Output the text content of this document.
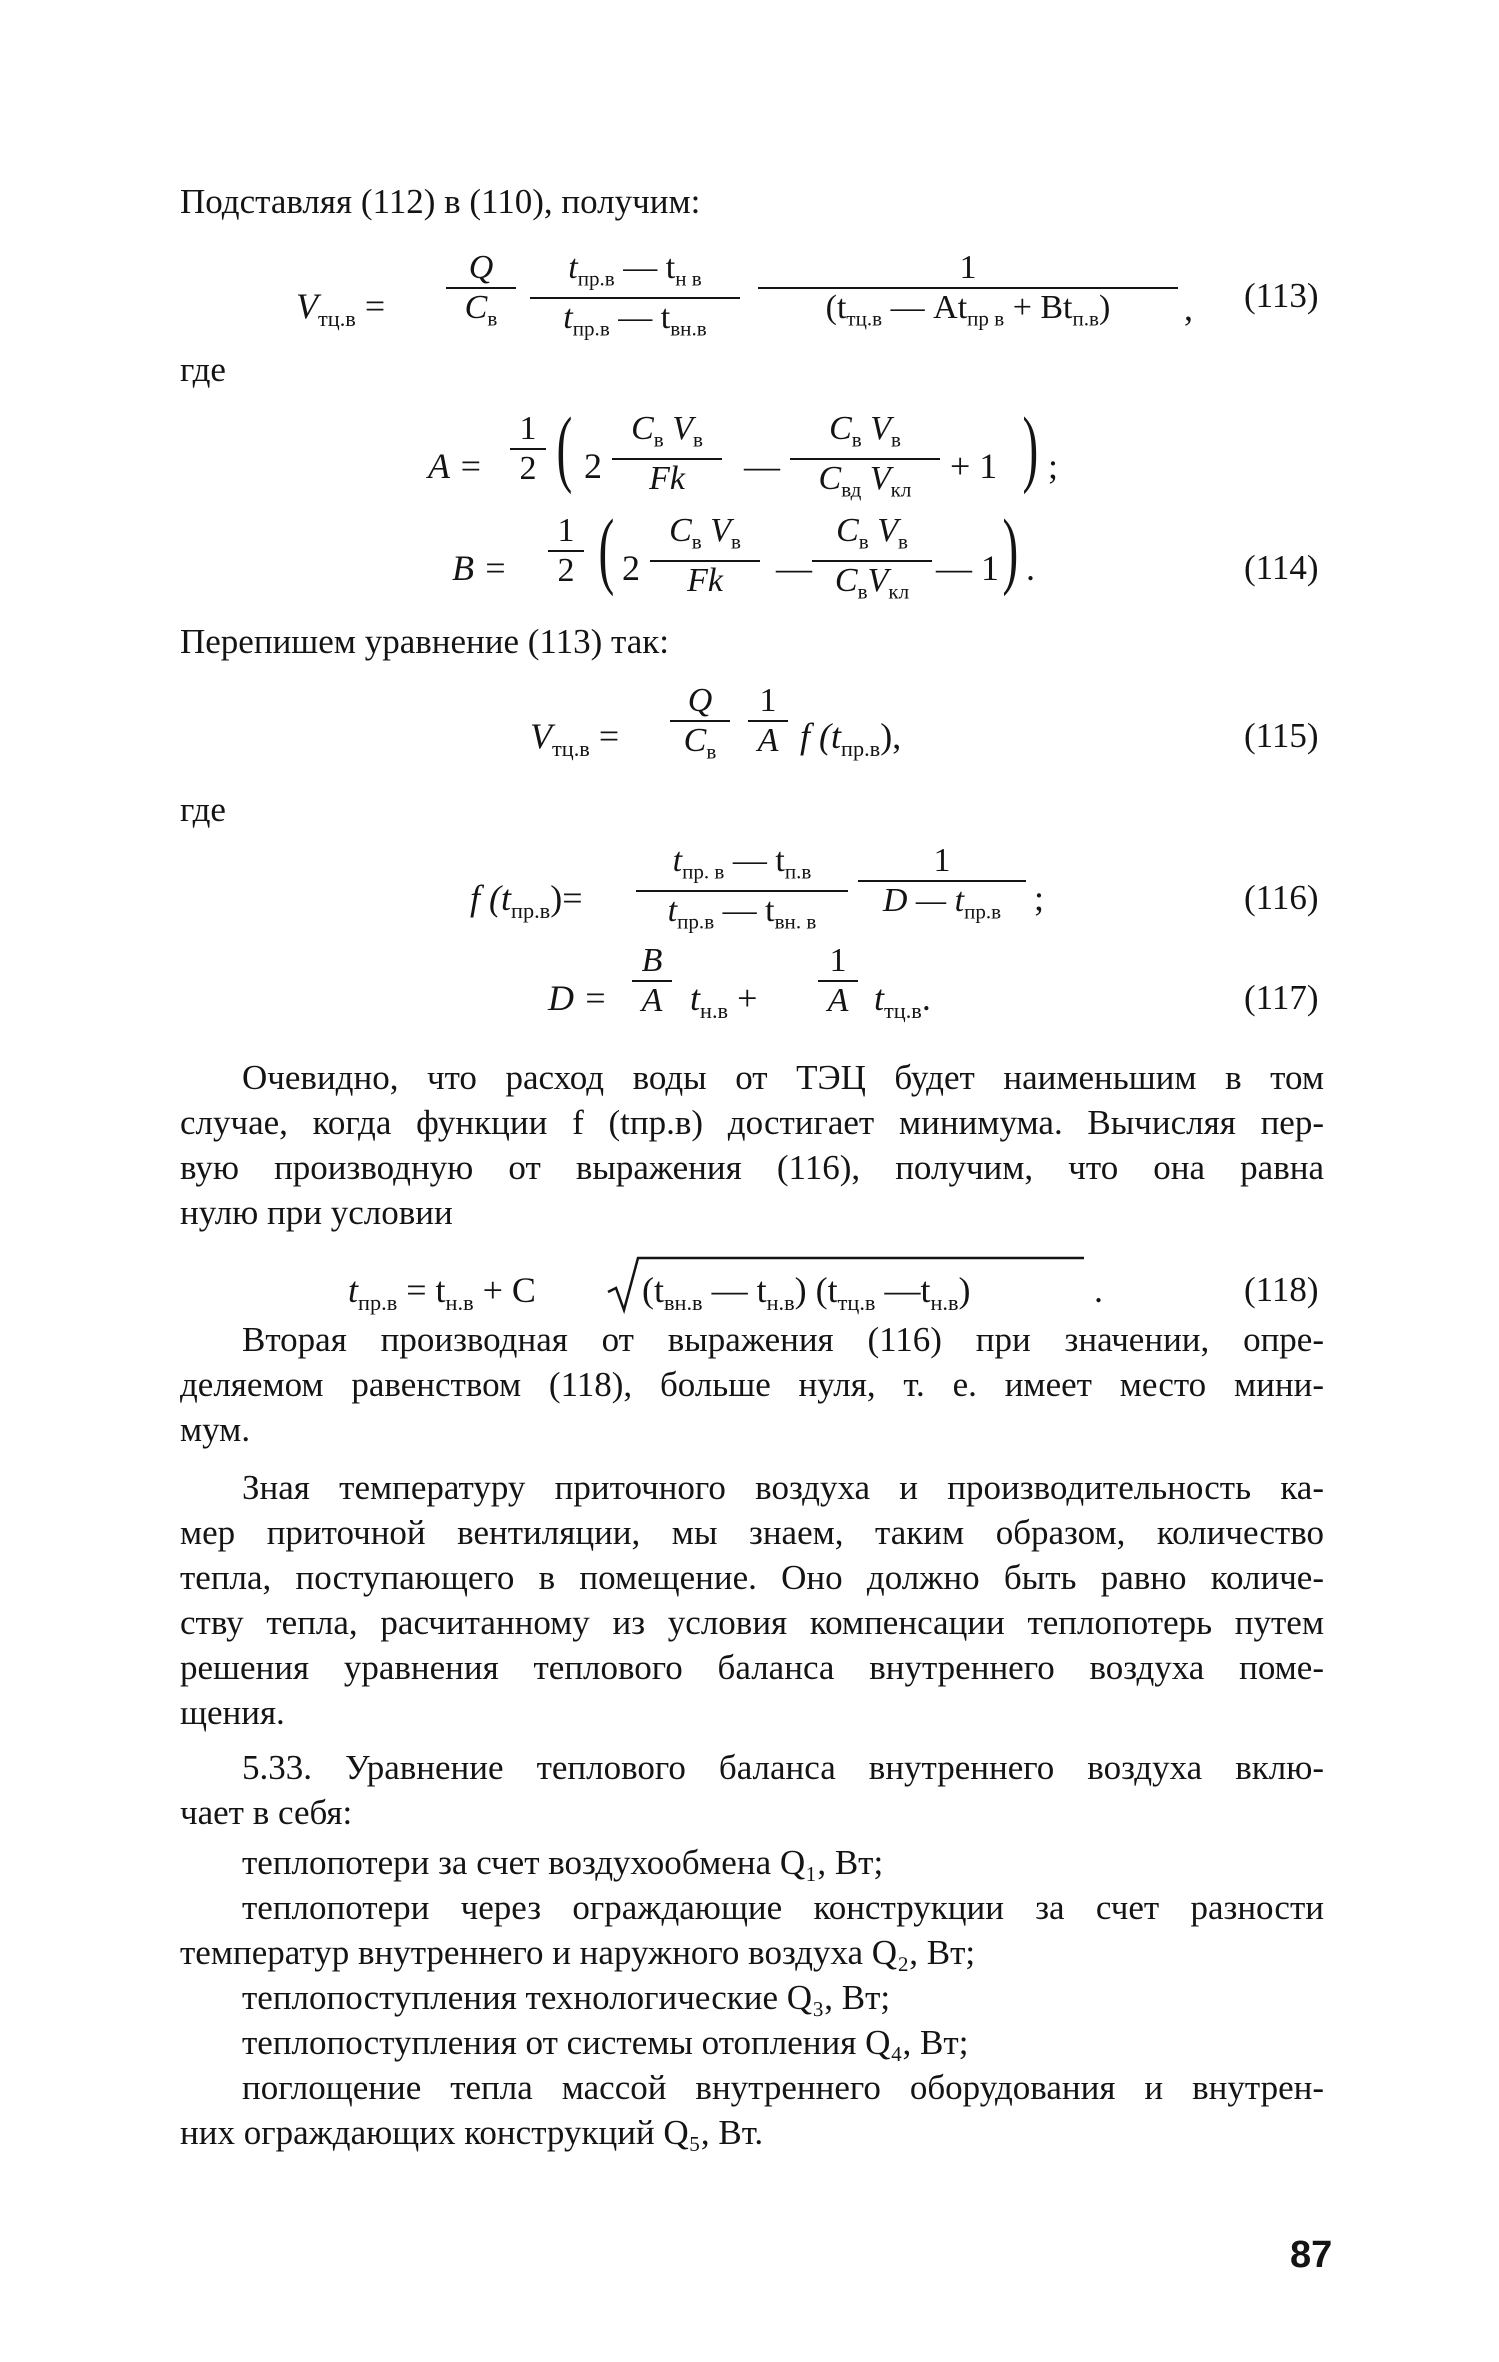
Подставляя (112) в (110), получим:
$V_{тц.в}$ =
Q
$C_в$
$t_{пр.в}$ — $t_{н в}$
$t_{пр.в}$ — $t_{вн.в}$
1
($t_{тц.в}$ — $At_{пр в} + Bt_{п.в}$) , (113)
где
A =
1
2 ( 2
$C_в$ $V_в$
Fk —
$C_в$ $V_в$
$C_{вд}$ $V_{кл}$
+ 1 ) ;
B =
1
2 ( 2
$C_в$ $V_в$
Fk —
$C_в$ $V_в$
$C_вV_{кл}$
— 1 ) .	(114)
Перепишем уравнение (113) так:
$V_{тц.в}$ =
Q
$C_в$
1
A f $(t_{пр.в})$,	(115)
где
f $(t_{пр.в})=$
$t_{пр. в}$ — $t_{п.в}$
$t_{пр.в}$ — $t_{вн. в}$
1
D — $t_{пр.в}$ ;	(116)
D =
B
A $t_{н.в}$ +
1
A $t_{тц.в}$.	(117)
Очевидно, что расход воды от ТЭЦ будет наименьшим в том
случае, когда функции f (tпр.в) достигает минимума. Вычисляя пер-
вую производную от выражения (116), получим, что она равна
нулю при условии
$t_{пр.в} = t_{н.в} + C$	($t_{вн.в}$ — $t_{н.в}$) ($t_{тц.в}$ $—t_{н.в}$)	.	(118)
Вторая производная от выражения (116) при значении, опре-
деляемом равенством (118), больше нуля, т. е. имеет место мини-
мум.
Зная температуру приточного воздуха и производительность ка-
мер приточной вентиляции, мы знаем, таким образом, количество
тепла, поступающего в помещение. Оно должно быть равно количе-
ству тепла, расчитанному из условия компенсации теплопотерь путем
решения уравнения теплового баланса внутреннего воздуха поме-
щения.
5.33. Уравнение теплового баланса внутреннего воздуха вклю-
чает в себя:
теплопотери за счет воздухообмена Q₁, Вт;
теплопотери через ограждающие конструкции за счет разности
температур внутреннего и наружного воздуха Q₂, Вт;
теплопоступления технологические Q₃, Вт;
теплопоступления от системы отопления Q₄, Вт;
поглощение тепла массой внутреннего оборудования и внутрен-
них ограждающих конструкций Q₅, Вт.
87
